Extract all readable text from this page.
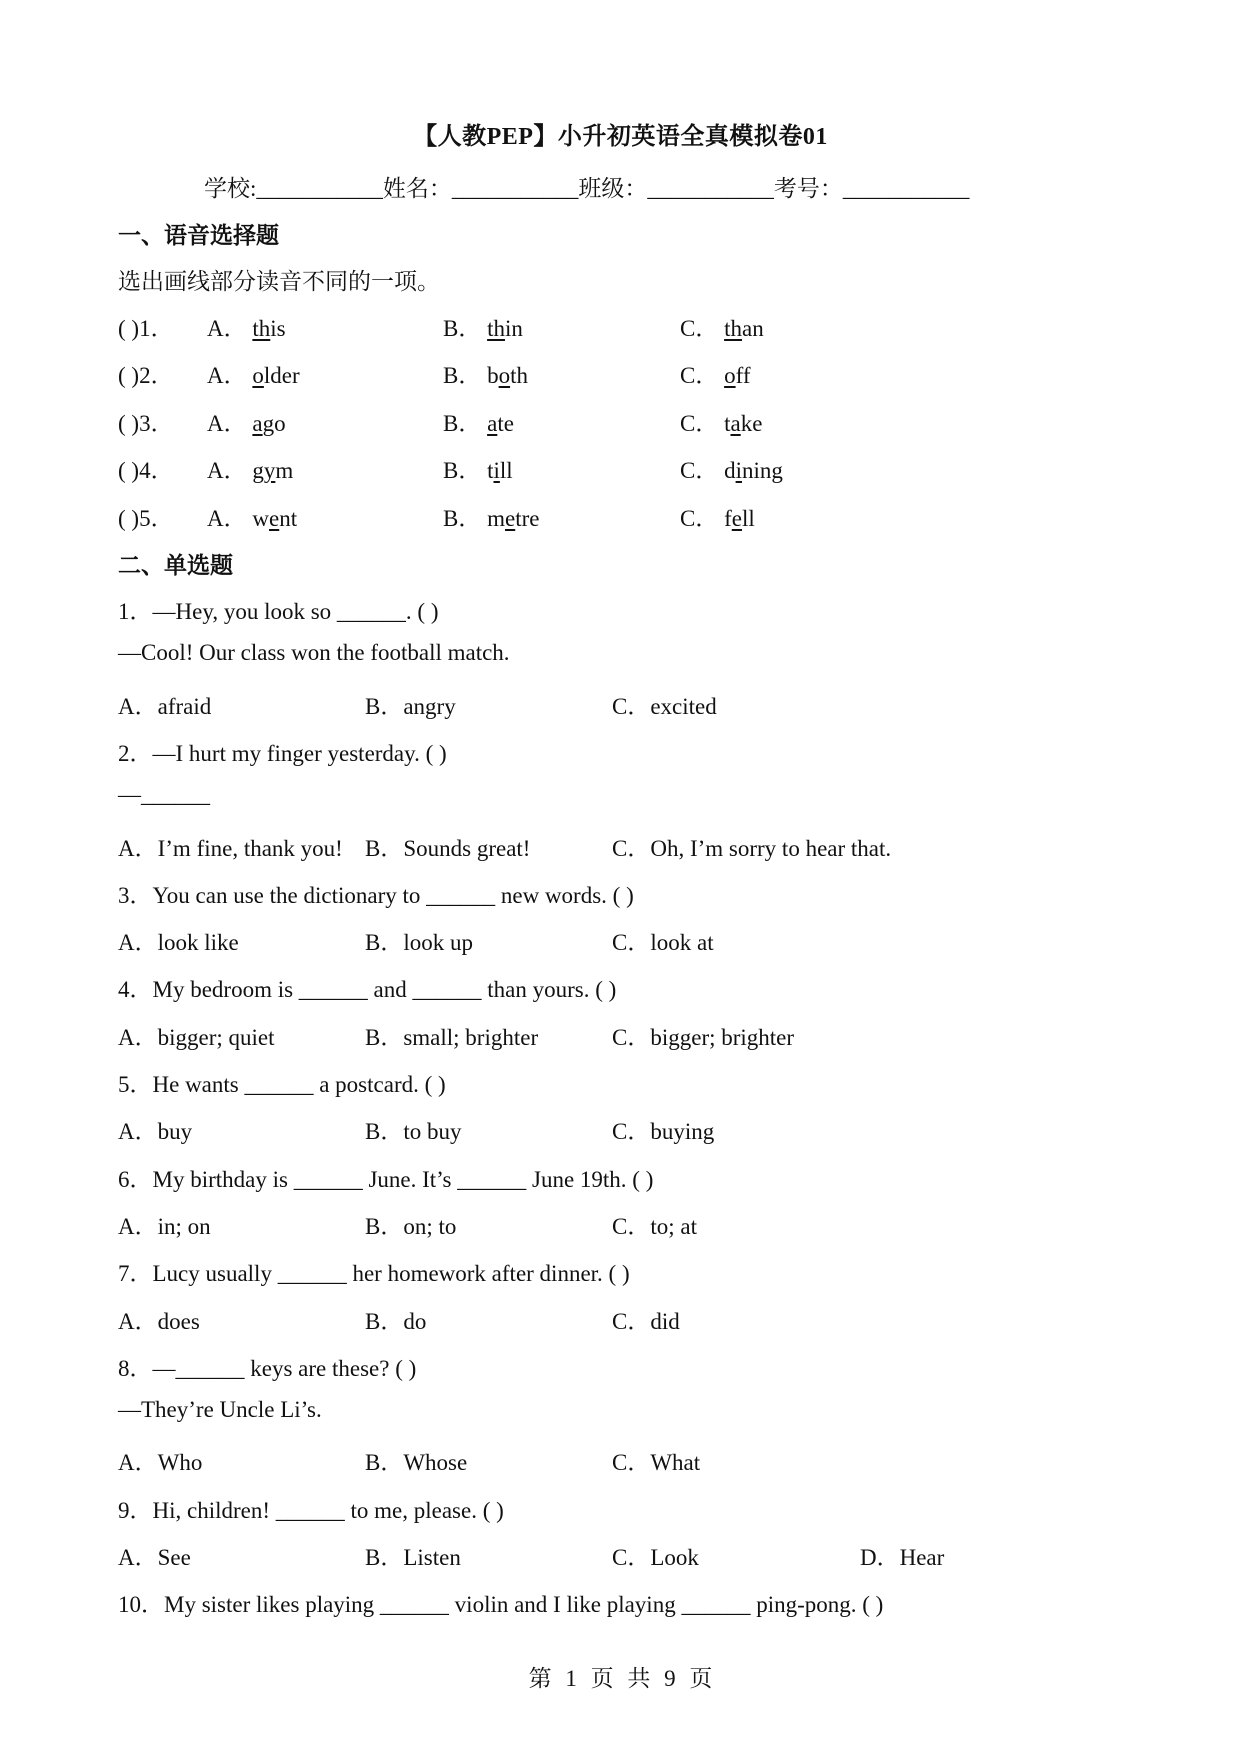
【人教PEP】小升初英语全真模拟卷01
学校:___________姓名：___________班级：___________考号：___________
一、语音选择题
选出画线部分读音不同的一项。
( )1． A． this	B． thin	C． than
( )2． A． older	B． both	C． off
( )3． A． ago	B． ate	C． take
( )4． A． gym	B． till	C． dining
( )5． A． went	B． metre	C． fell
二、单选题
1．—Hey, you look so ______. ( )
—Cool! Our class won the football match.
A．afraid	B．angry	C．excited
2．—I hurt my finger yesterday. ( )
—______
A．I’m fine, thank you! B．Sounds great!	C．Oh, I’m sorry to hear that.
3．You can use the dictionary to ______ new words. ( )
A．look like	B．look up	C．look at
4．My bedroom is ______ and ______ than yours. ( )
A．bigger; quiet	B．small; brighter	C．bigger; brighter
5．He wants ______ a postcard. ( )
A．buy	B．to buy	C．buying
6．My birthday is ______ June. It’s ______ June 19th. ( )
A．in; on	B．on; to	C．to; at
7．Lucy usually ______ her homework after dinner. ( )
A．does	B．do	C．did
8．—______ keys are these? ( )
—They’re Uncle Li’s.
A．Who	B．Whose	C．What
9．Hi, children! ______ to me, please. ( )
A．See	B．Listen	C．Look	D．Hear
10．My sister likes playing ______ violin and I like playing ______ ping-pong. ( )
第 1 页 共 9 页
